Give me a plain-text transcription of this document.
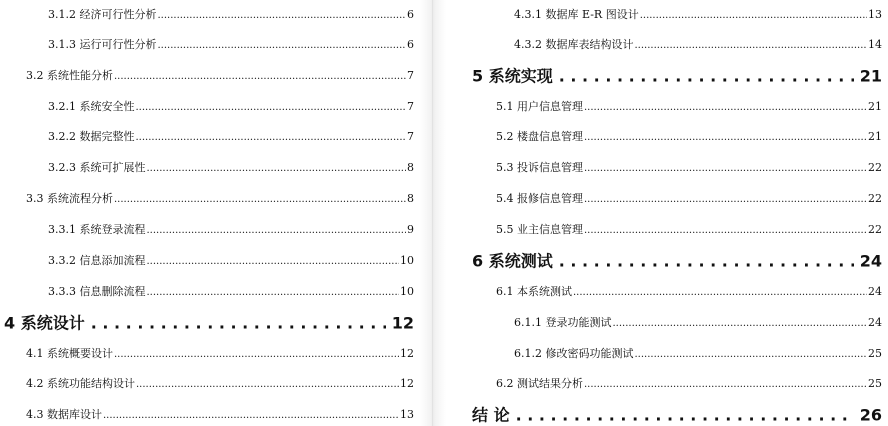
3.1.2 经济可行性分析 .....	6
3.1.3 运行可行性分析 .....	6
3.2 系统性能分析 .....	7
3.2.1 系统安全性 .....	7
3.2.2 数据完整性 .....	7
3.2.3 系统可扩展性 .....	8
3.3 系统流程分析 .....	8
3.3.1 系统登录流程 .....	9
3.3.2 信息添加流程 .....	10
3.3.3 信息删除流程 .....	10
4 系统设计 . . .	12
4.1 系统概要设计 .....	12
4.2 系统功能结构设计 .....	12
4.3 数据库设计 .....	13
4.3.1 数据库 E-R 图设计 .....	13
4.3.2 数据库表结构设计 .....	14
5 系统实现 . . .	21
5.1 用户信息管理 .....	21
5.2 楼盘信息管理 .....	21
5.3 投诉信息管理 .....	22
5.4 报修信息管理 .....	22
5.5 业主信息管理 .....	22
6 系统测试 . . .	24
6.1 本系统测试 .....	24
6.1.1 登录功能测试 .....	24
6.1.2 修改密码功能测试 .....	25
6.2 测试结果分析 .....	25
结 论 . . .	26
